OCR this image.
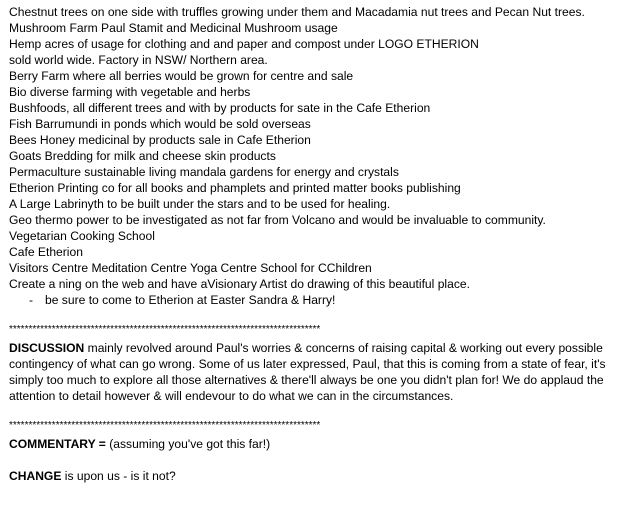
Chestnut trees on one side with truffles growing under them and Macadamia nut trees and Pecan Nut trees.
Mushroom Farm Paul Stamit and Medicinal Mushroom usage
Hemp acres of usage for clothing and and paper and compost under LOGO ETHERION
sold world wide. Factory in NSW/ Northern area.
Berry Farm where all berries would be grown for centre and sale
Bio diverse farming with vegetable and herbs
Bushfoods, all different trees and with by products for sate in the Cafe Etherion
Fish Barrumundi in ponds which would be sold overseas
Bees Honey medicinal by products sale in Cafe Etherion
Goats Bredding for milk and cheese skin products
Permaculture sustainable living mandala gardens for energy and crystals
Etherion Printing co for all books and phamplets and printed matter books publishing
A Large Labrinyth to be built under the stars and to be used for healing.
Geo thermo power to be investigated as not far from Volcano and would be invaluable to community.
Vegetarian Cooking School
Cafe Etherion
Visitors Centre Meditation Centre Yoga Centre School for CChildren
Create a ning on the web and have aVisionary Artist do drawing of this beautiful place.
- be sure to come to Etherion at Easter Sandra & Harry!
********************************************************************************
DISCUSSION mainly revolved around Paul's worries & concerns of raising capital & working out every possible contingency of what can go wrong. Some of us later expressed, Paul, that this is coming from a state of fear, it's simply too much to explore all those alternatives & there'll always be one you didn't plan for! We do applaud the attention to detail however & will endevour to do what we can in the circumstances.
********************************************************************************
COMMENTARY = (assuming you've got this far!)
CHANGE is upon us - is it not?
